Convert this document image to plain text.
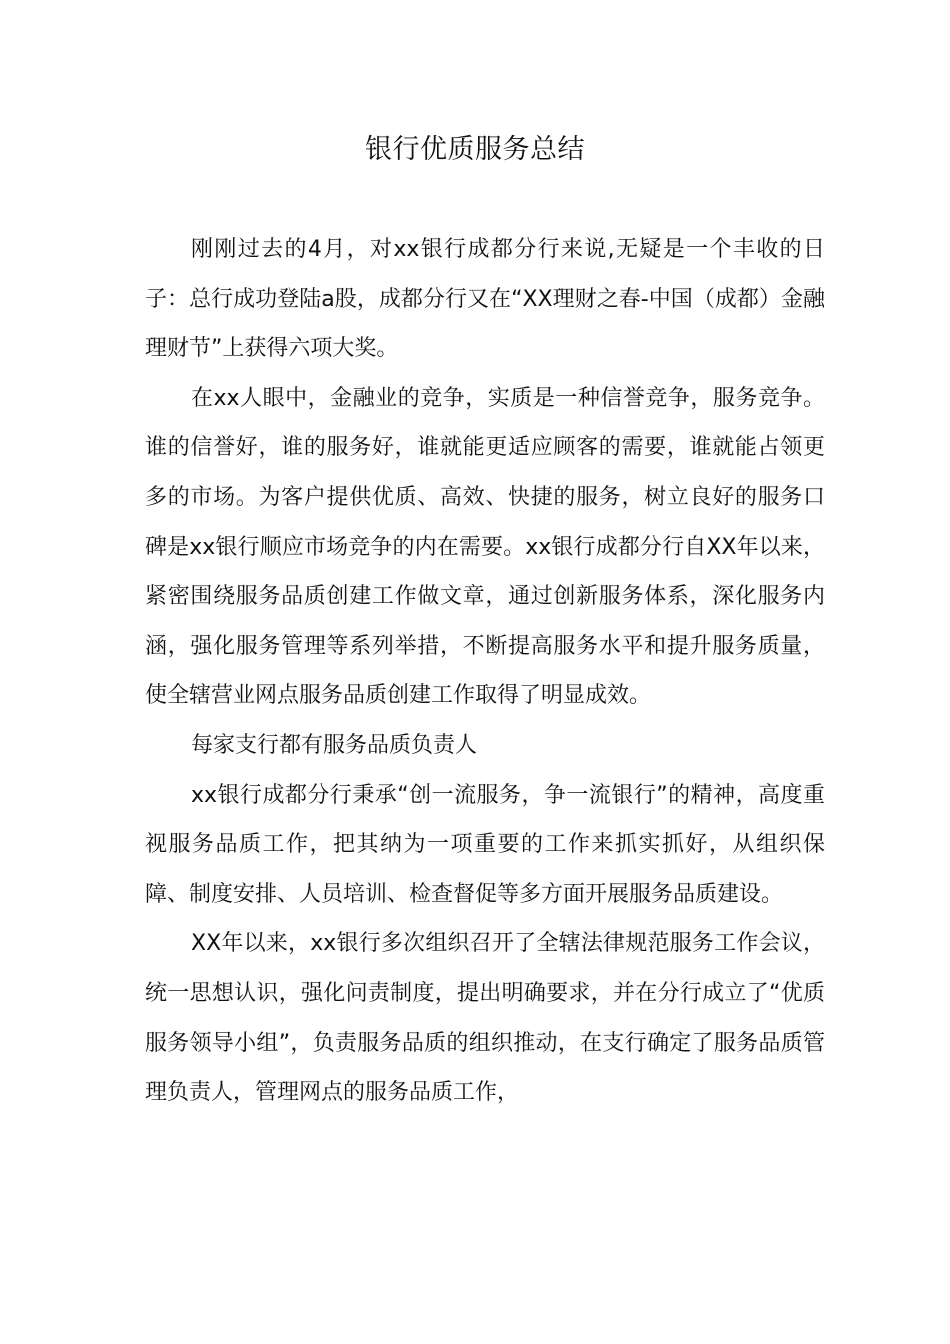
银行优质服务总结

刚刚过去的4月，对xx银行成都分行来说,无疑是一个丰收的日子：总行成功登陆a股，成都分行又在“XX理财之春-中国（成都）金融理财节”上获得六项大奖。

在xx人眼中，金融业的竞争，实质是一种信誉竞争，服务竞争。谁的信誉好，谁的服务好，谁就能更适应顾客的需要，谁就能占领更多的市场。为客户提供优质、高效、快捷的服务，树立良好的服务口碑是xx银行顺应市场竞争的内在需要。xx银行成都分行自XX年以来，紧密围绕服务品质创建工作做文章，通过创新服务体系，深化服务内涵，强化服务管理等系列举措，不断提高服务水平和提升服务质量，使全辖营业网点服务品质创建工作取得了明显成效。

每家支行都有服务品质负责人

xx银行成都分行秉承“创一流服务，争一流银行”的精神，高度重视服务品质工作，把其纳为一项重要的工作来抓实抓好，从组织保障、制度安排、人员培训、检查督促等多方面开展服务品质建设。

XX年以来，xx银行多次组织召开了全辖法律规范服务工作会议，统一思想认识，强化问责制度，提出明确要求，并在分行成立了“优质服务领导小组”，负责服务品质的组织推动，在支行确定了服务品质管理负责人，管理网点的服务品质工作，
